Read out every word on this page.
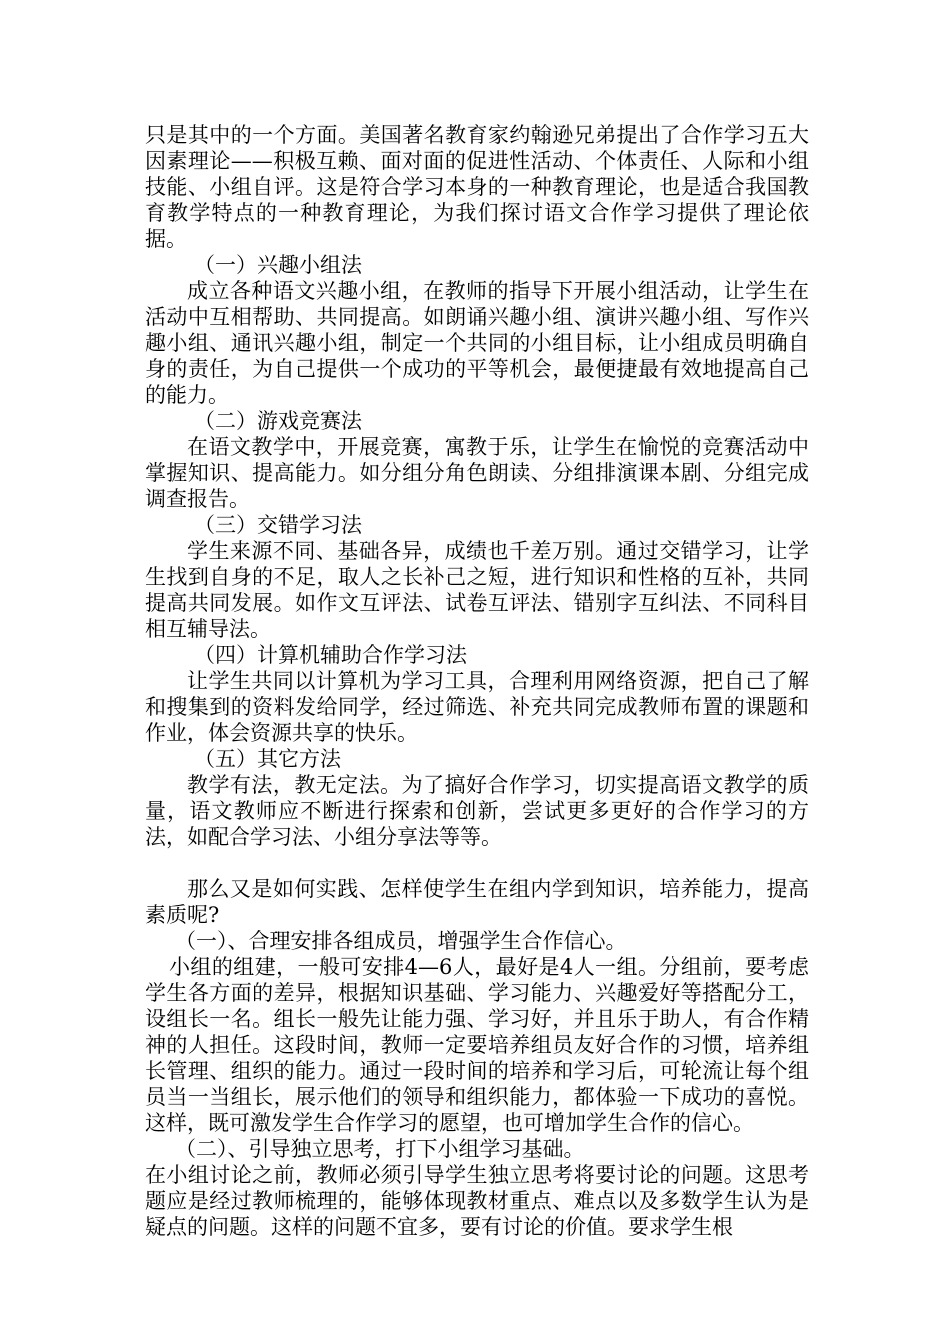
只是其中的一个方面。美国著名教育家约翰逊兄弟提出了合作学习五大因素理论——积极互赖、面对面的促进性活动、个体责任、人际和小组技能、小组自评。这是符合学习本身的一种教育理论，也是适合我国教育教学特点的一种教育理论，为我们探讨语文合作学习提供了理论依据。

（一）兴趣小组法

成立各种语文兴趣小组，在教师的指导下开展小组活动，让学生在活动中互相帮助、共同提高。如朗诵兴趣小组、演讲兴趣小组、写作兴趣小组、通讯兴趣小组，制定一个共同的小组目标，让小组成员明确自身的责任，为自己提供一个成功的平等机会，最便捷最有效地提高自己的能力。

（二）游戏竞赛法

在语文教学中，开展竞赛，寓教于乐，让学生在愉悦的竞赛活动中掌握知识、提高能力。如分组分角色朗读、分组排演课本剧、分组完成调查报告。

（三）交错学习法

学生来源不同、基础各异，成绩也千差万别。通过交错学习，让学生找到自身的不足，取人之长补己之短，进行知识和性格的互补，共同提高共同发展。如作文互评法、试卷互评法、错别字互纠法、不同科目相互辅导法。

（四）计算机辅助合作学习法

让学生共同以计算机为学习工具，合理利用网络资源，把自己了解和搜集到的资料发给同学，经过筛选、补充共同完成教师布置的课题和作业，体会资源共享的快乐。

（五）其它方法

教学有法，教无定法。为了搞好合作学习，切实提高语文教学的质量，语文教师应不断进行探索和创新，尝试更多更好的合作学习的方法，如配合学习法、小组分享法等等。

那么又是如何实践、怎样使学生在组内学到知识，培养能力，提高素质呢?

（一）、合理安排各组成员，增强学生合作信心。

小组的组建，一般可安排4—6人，最好是4人一组。分组前，要考虑学生各方面的差异，根据知识基础、学习能力、兴趣爱好等搭配分工，设组长一名。组长一般先让能力强、学习好，并且乐于助人，有合作精神的人担任。这段时间，教师一定要培养组员友好合作的习惯，培养组长管理、组织的能力。通过一段时间的培养和学习后，可轮流让每个组员当一当组长，展示他们的领导和组织能力，都体验一下成功的喜悦。这样，既可激发学生合作学习的愿望，也可增加学生合作的信心。

（二）、引导独立思考，打下小组学习基础。

在小组讨论之前，教师必须引导学生独立思考将要讨论的问题。这思考题应是经过教师梳理的，能够体现教材重点、难点以及多数学生认为是疑点的问题。这样的问题不宜多，要有讨论的价值。要求学生根
